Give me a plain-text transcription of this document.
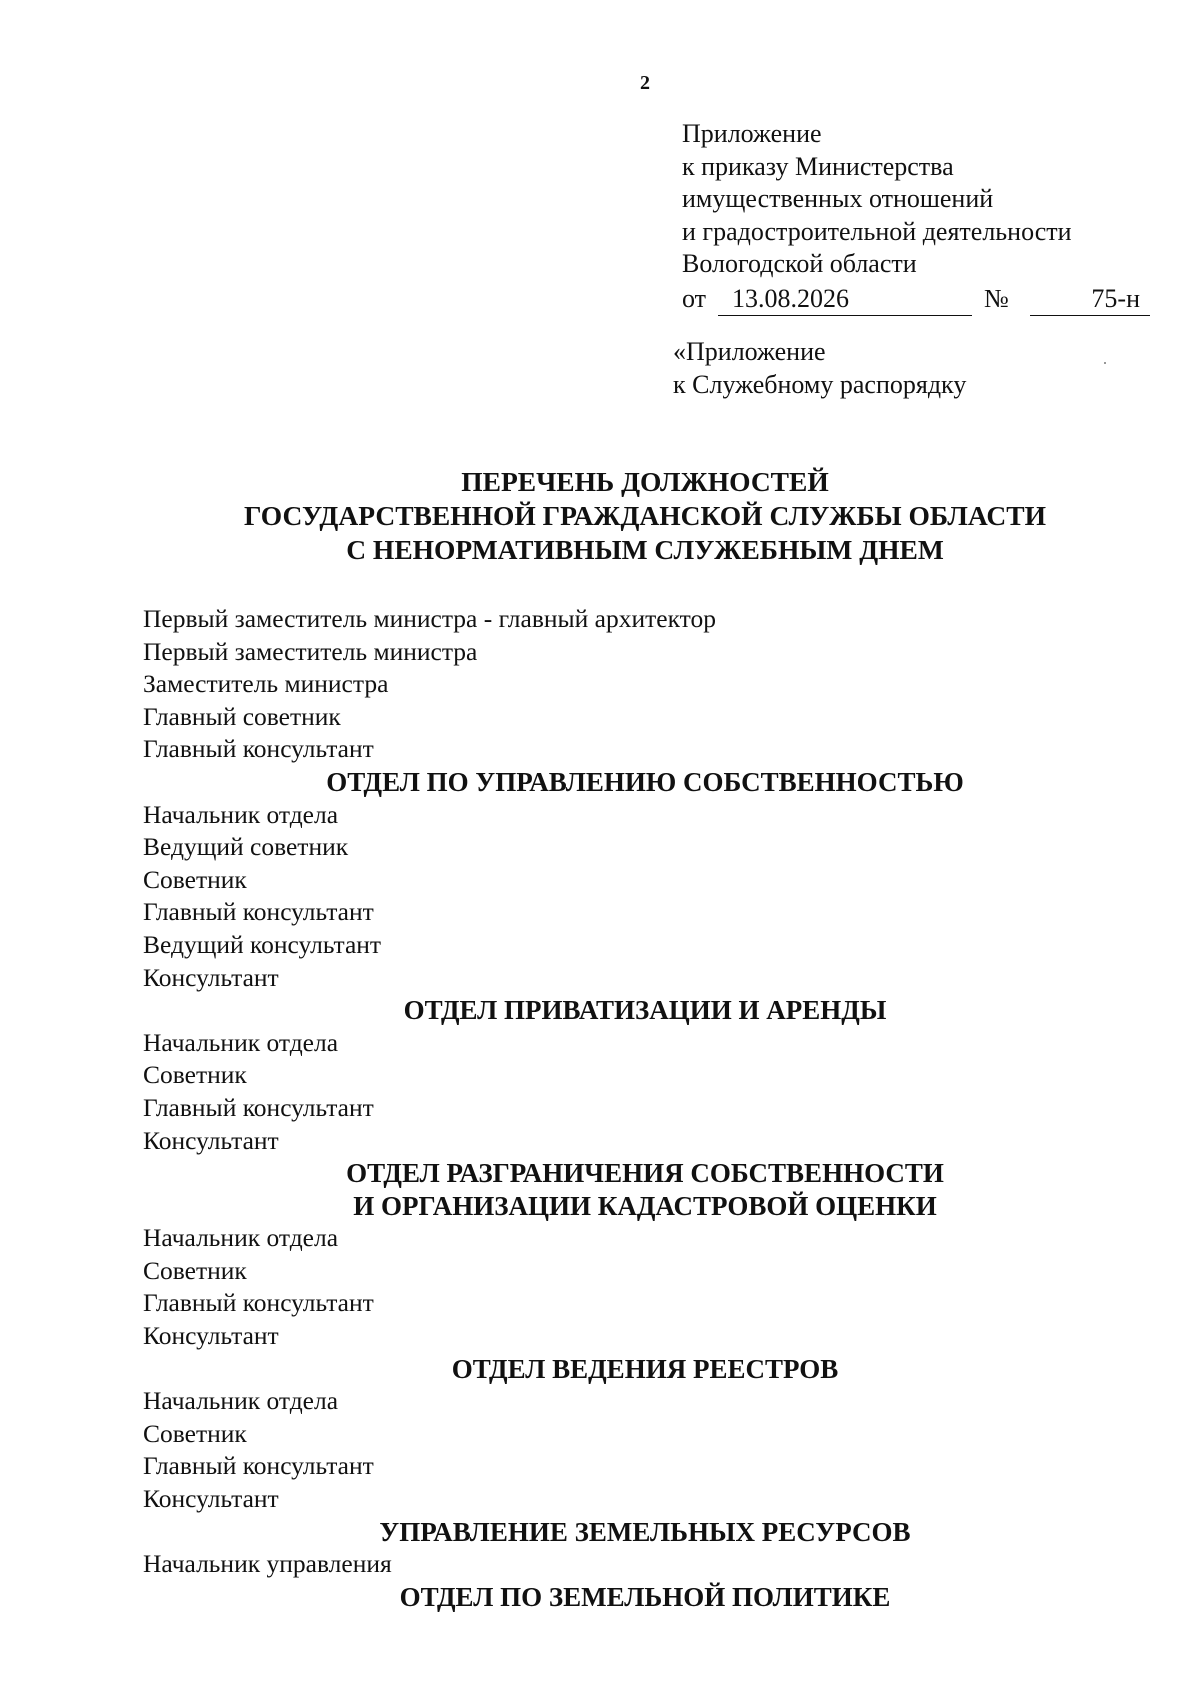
2
Приложение
к приказу Министерства
имущественных отношений
и градостроительной деятельности
Вологодской области
от 13.08.2026	№	75-н
«Приложение
к Служебному распорядку
ПЕРЕЧЕНЬ ДОЛЖНОСТЕЙ
ГОСУДАРСТВЕННОЙ ГРАЖДАНСКОЙ СЛУЖБЫ ОБЛАСТИ
С НЕНОРМАТИВНЫМ СЛУЖЕБНЫМ ДНЕМ
Первый заместитель министра - главный архитектор
Первый заместитель министра
Заместитель министра
Главный советник
Главный консультант
ОТДЕЛ ПО УПРАВЛЕНИЮ СОБСТВЕННОСТЬЮ
Начальник отдела
Ведущий советник
Советник
Главный консультант
Ведущий консультант
Консультант
ОТДЕЛ ПРИВАТИЗАЦИИ И АРЕНДЫ
Начальник отдела
Советник
Главный консультант
Консультант
ОТДЕЛ РАЗГРАНИЧЕНИЯ СОБСТВЕННОСТИ
И ОРГАНИЗАЦИИ КАДАСТРОВОЙ ОЦЕНКИ
Начальник отдела
Советник
Главный консультант
Консультант
ОТДЕЛ ВЕДЕНИЯ РЕЕСТРОВ
Начальник отдела
Советник
Главный консультант
Консультант
УПРАВЛЕНИЕ ЗЕМЕЛЬНЫХ РЕСУРСОВ
Начальник управления
ОТДЕЛ ПО ЗЕМЕЛЬНОЙ ПОЛИТИКЕ
